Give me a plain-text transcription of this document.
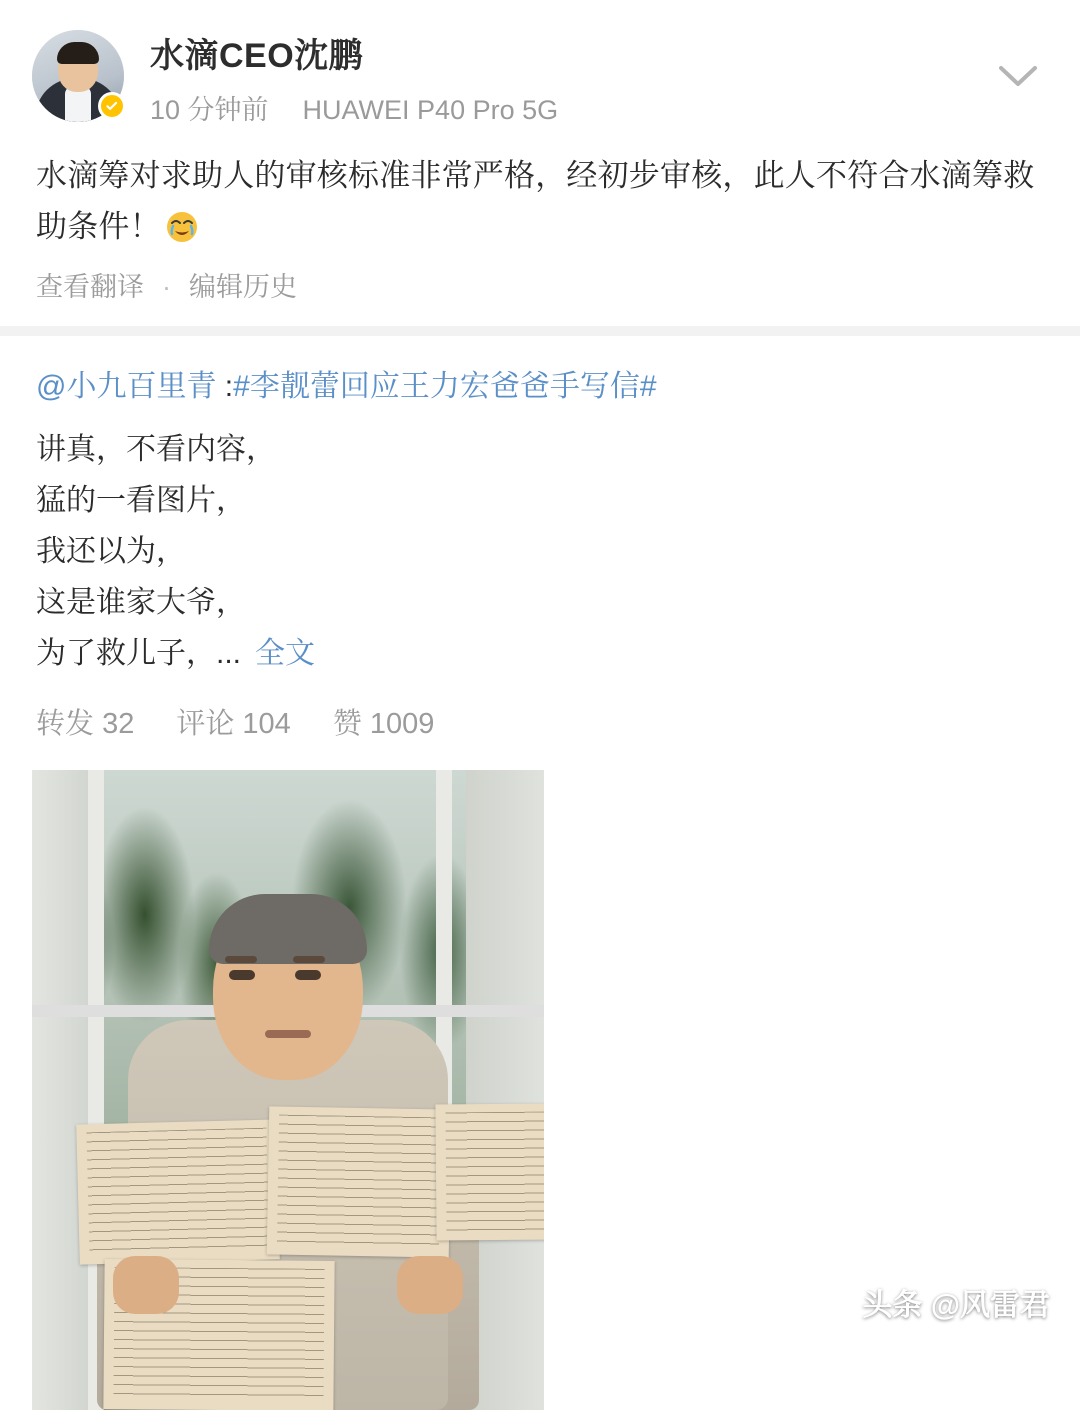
水滴CEO沈鹏
10 分钟前 HUAWEI P40 Pro 5G
水滴筹对求助人的审核标准非常严格，经初步审核，此人不符合水滴筹救助条件！
查看翻译 · 编辑历史
@小九百里青 :#李靓蕾回应王力宏爸爸手写信#
讲真，不看内容，
猛的一看图片，
我还以为，
这是谁家大爷，
为了救儿子，... 全文
转发 32 评论 104 赞 1009
头条 @风雷君
